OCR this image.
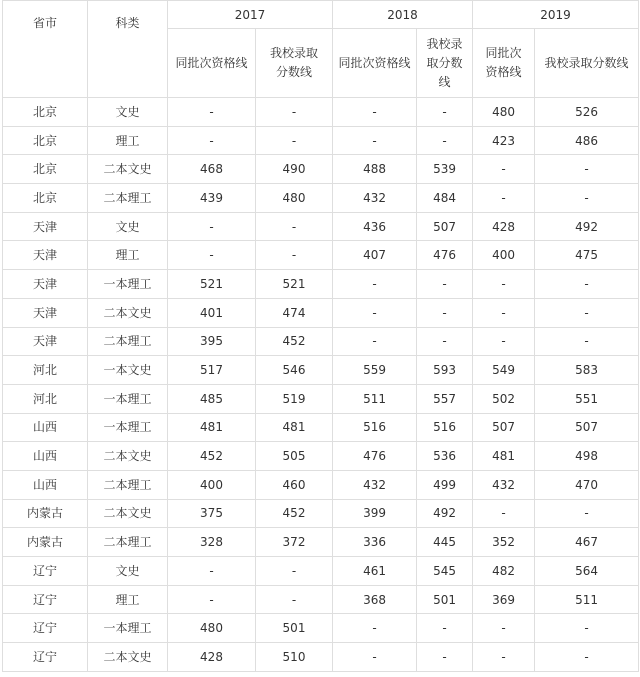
省市	科类	2017		2018		2019	
		同批次资格线	我校录取分数线	同批次资格线	我校录取分数线	同批次资格线	我校录取分数线
北京	文史	-	-	-	-	480	526
北京	理工	-	-	-	-	423	486
北京	二本文史	468	490	488	539	-	-
北京	二本理工	439	480	432	484	-	-
天津	文史	-	-	436	507	428	492
天津	理工	-	-	407	476	400	475
天津	一本理工	521	521	-	-	-	-
天津	二本文史	401	474	-	-	-	-
天津	二本理工	395	452	-	-	-	-
河北	一本文史	517	546	559	593	549	583
河北	一本理工	485	519	511	557	502	551
山西	一本理工	481	481	516	516	507	507
山西	二本文史	452	505	476	536	481	498
山西	二本理工	400	460	432	499	432	470
内蒙古	二本文史	375	452	399	492	-	-
内蒙古	二本理工	328	372	336	445	352	467
辽宁	文史	-	-	461	545	482	564
辽宁	理工	-	-	368	501	369	511
辽宁	一本理工	480	501	-	-	-	-
辽宁	二本文史	428	510	-	-	-	-
